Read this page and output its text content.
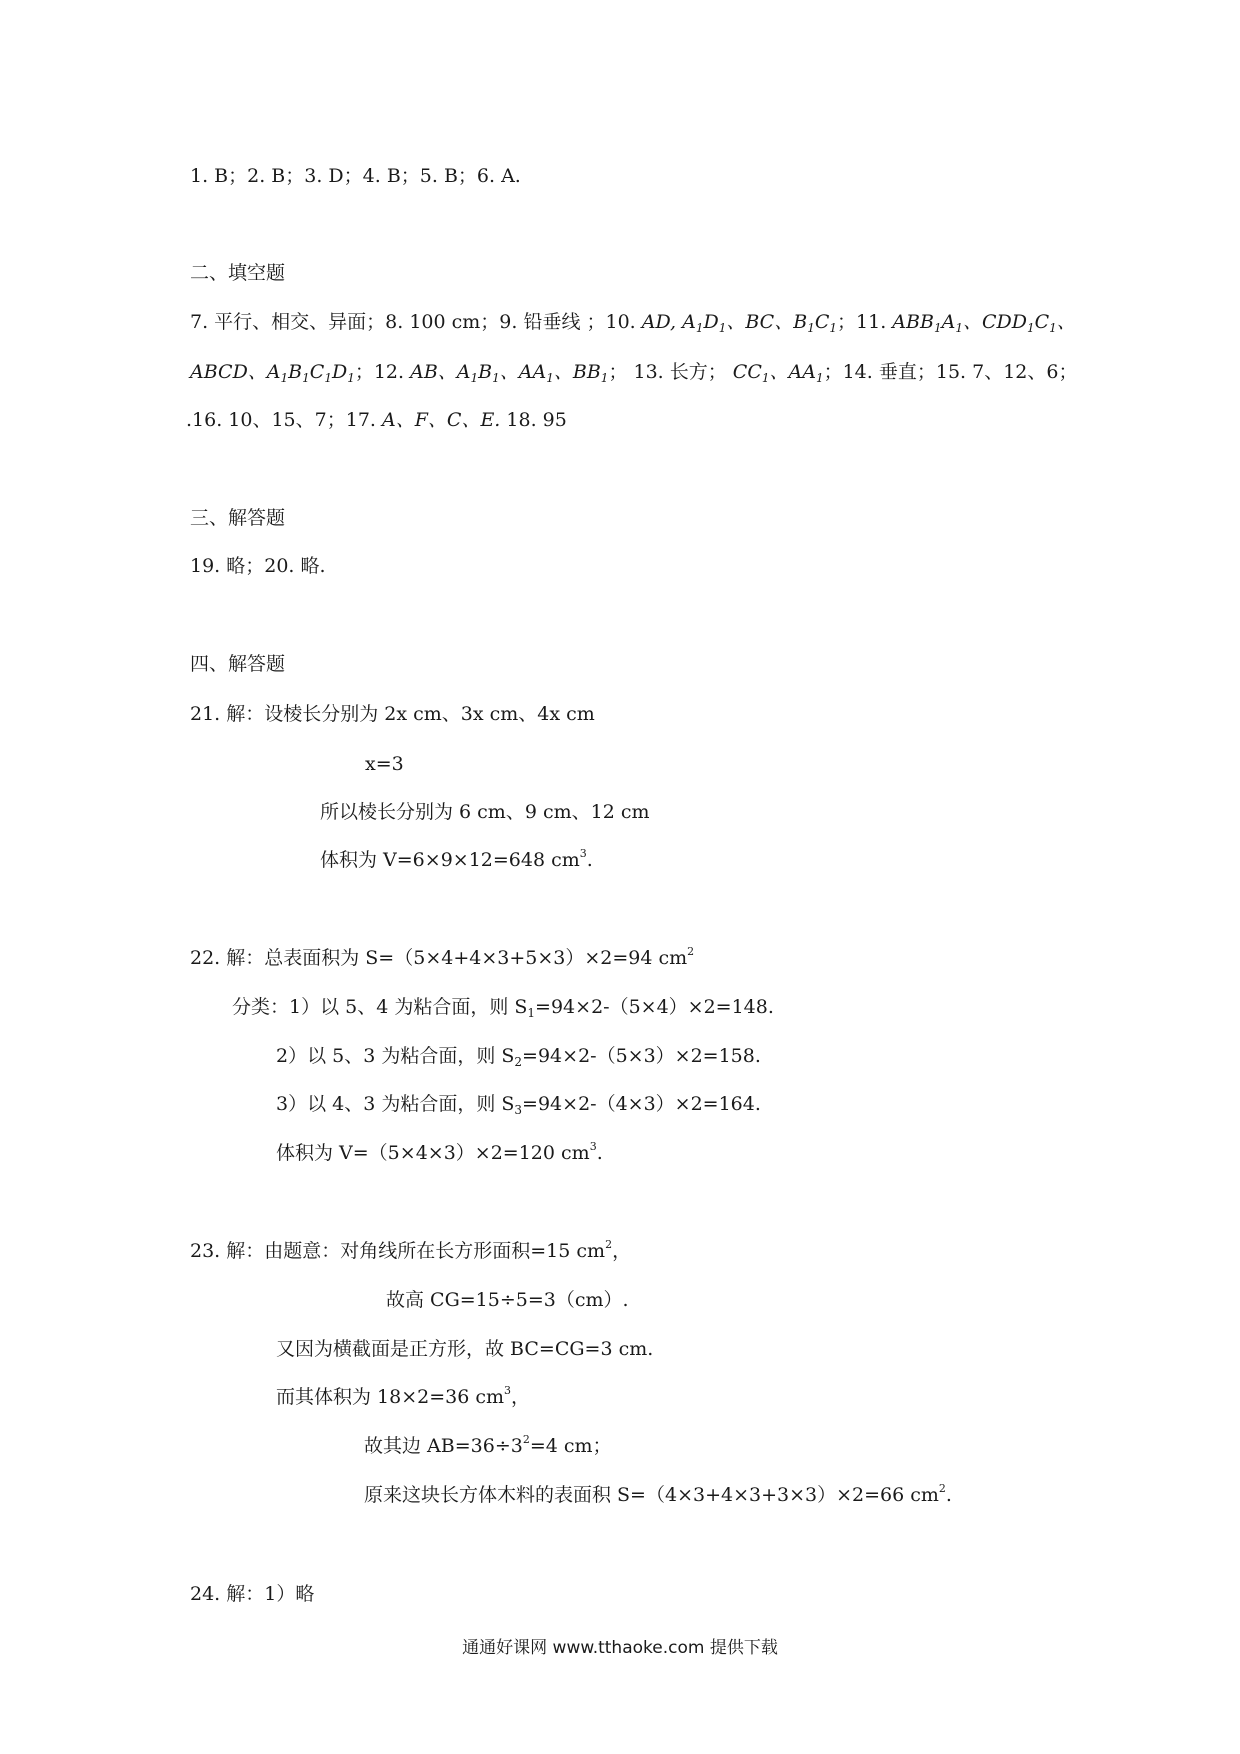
1. B；2. B；3. D；4. B；5. B；6. A.
二、填空题
7. 平行、相交、异面；8. 100 cm；9. 铅垂线 ；10. AD, $A_1D_1$、BC、$B_1C_1$；11. $ABB_1A_1$、$CDD_1C_1$、
ABCD、$A_1B_1C_1D_1$；12. AB、$A_1B_1$、$AA_1$、$BB_1$； 13. 长方； $CC_1$、$AA_1$；14. 垂直；15. 7、12、6；
.16. 10、15、7；17. A、F、C、E. 18. 95
三、解答题
19. 略；20. 略.
四、解答题
21. 解：设棱长分别为 2x cm、3x cm、4x cm
x=3
所以棱长分别为 6 cm、9 cm、12 cm
体积为 V=6×9×12=648 $cm^3$.
22. 解：总表面积为 S=（5×4+4×3+5×3）×2=94 $cm^2$
分类：1）以 5、4 为粘合面，则 $S_1=94\times 2-(5\times 4)\times 2=148$.
2）以 5、3 为粘合面，则 $S_2=94\times 2-(5\times 3)\times 2=158$.
3）以 4、3 为粘合面，则 $S_3=94\times 2-(4\times 3)\times 2=164$.
体积为 V=（5×4×3）×2=120 $cm^3$.
23. 解：由题意：对角线所在长方形面积=15 $cm^2$，
故高 CG=15÷5=3（cm）.
又因为横截面是正方形，故 BC=CG=3 cm.
而其体积为 18×2=36 $cm^3$，
故其边 $AB=36\div 3^2=4$ cm；
原来这块长方体木料的表面积 S=（4×3+4×3+3×3）×2=66 $cm^2$.
24. 解：1）略
通通好课网 www.tthaoke.com 提供下载
